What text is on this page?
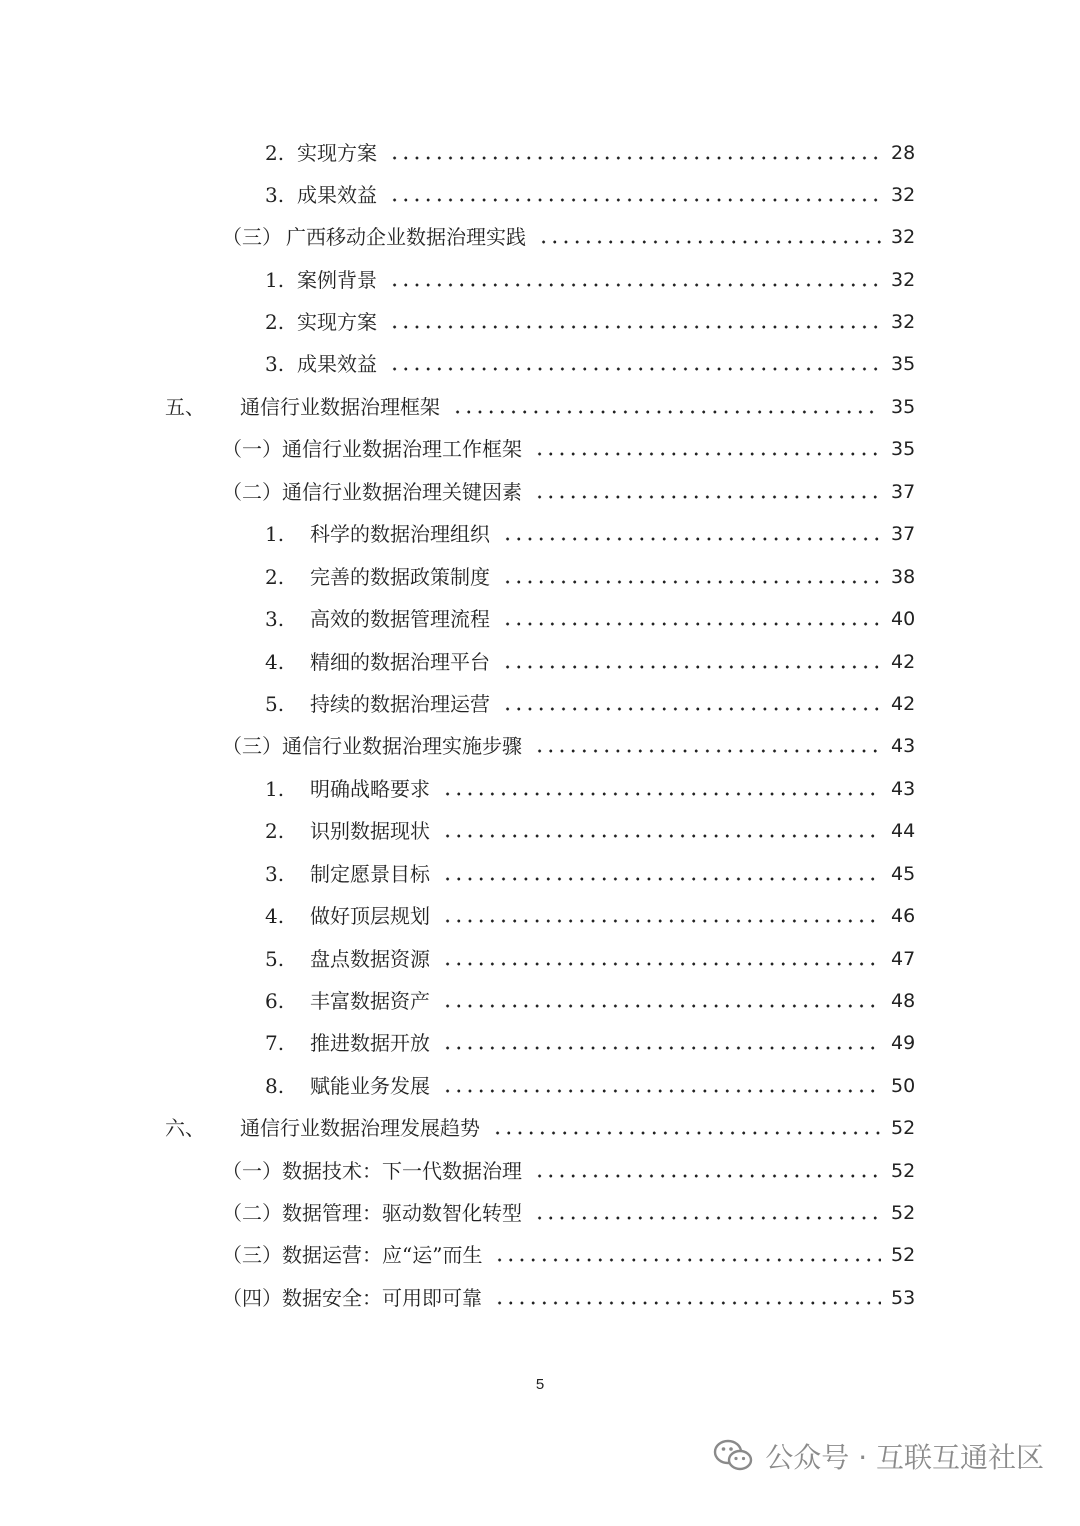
2. 实现方案	28
3. 成果效益	32
（三） 广西移动企业数据治理实践	32
1. 案例背景	32
2. 实现方案	32
3. 成果效益	35
五、	通信行业数据治理框架	35
（一） 通信行业数据治理工作框架	35
（二） 通信行业数据治理关键因素	37
1.	科学的数据治理组织	37
2.	完善的数据政策制度	38
3.	高效的数据管理流程	40
4.	精细的数据治理平台	42
5.	持续的数据治理运营	42
（三） 通信行业数据治理实施步骤	43
1.	明确战略要求	43
2.	识别数据现状	44
3.	制定愿景目标	45
4.	做好顶层规划	46
5.	盘点数据资源	47
6.	丰富数据资产	48
7.	推进数据开放	49
8.	赋能业务发展	50
六、	通信行业数据治理发展趋势	52
（一） 数据技术：下一代数据治理	52
（二） 数据管理：驱动数智化转型	52
（三） 数据运营：应“运”而生	52
（四） 数据安全：可用即可靠	53
5
公众号 · 互联互通社区
